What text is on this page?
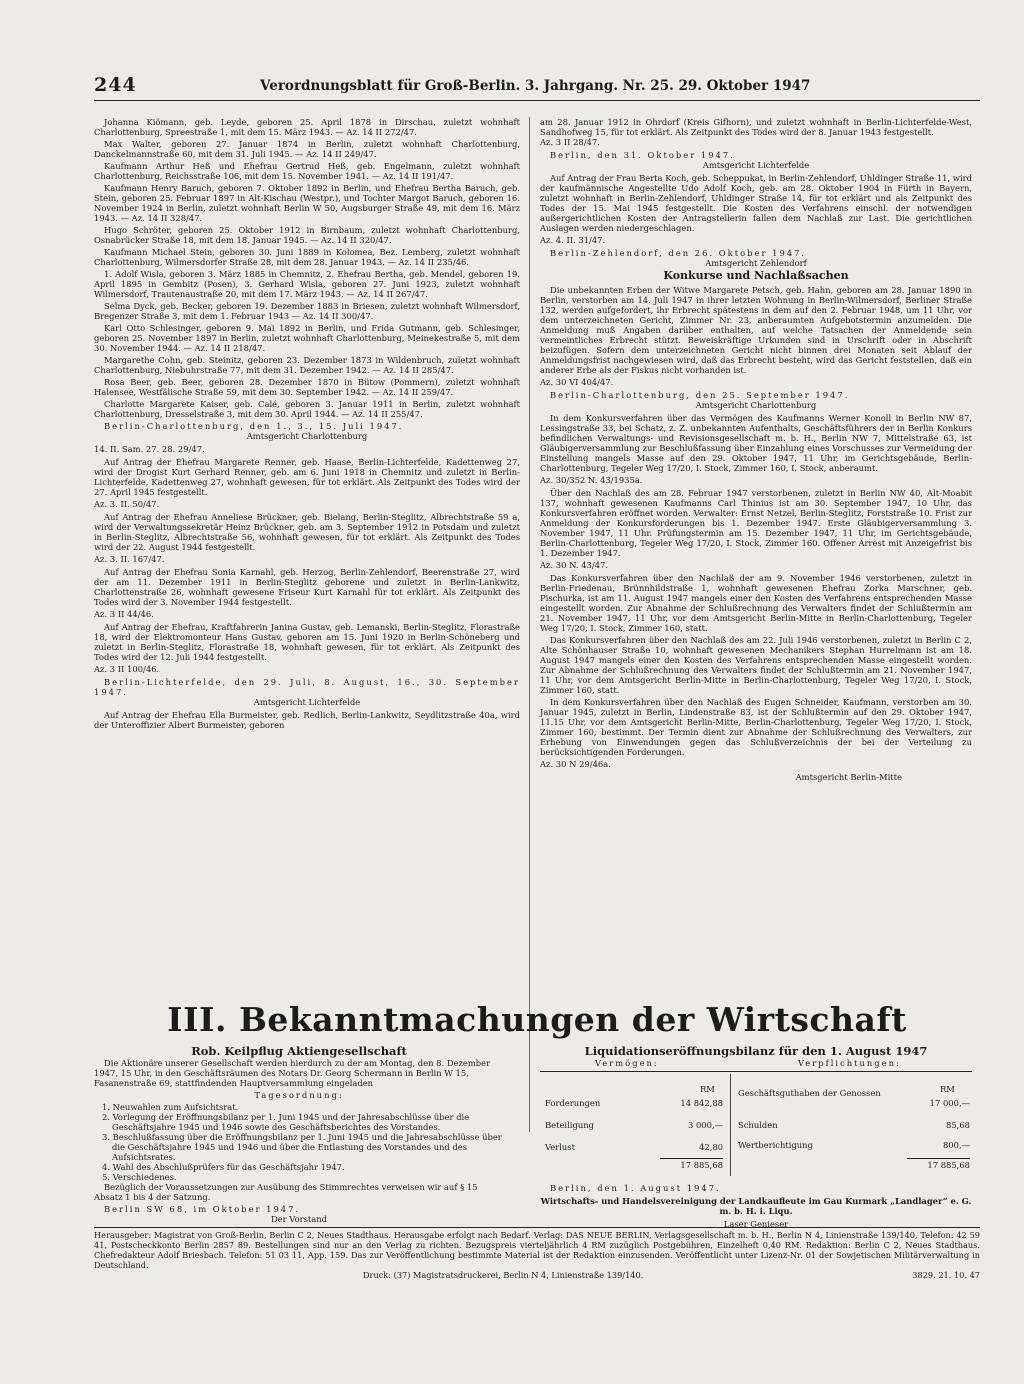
244	Verordnungsblatt für Groß-Berlin. 3. Jahrgang. Nr. 25. 29. Oktober 1947

Johanna Kiömann, geb. Leyde, geboren 25. April 1878 in Dirschau, zuletzt wohnhaft Charlottenburg, Spreestraße 1, mit dem 15. März 1943. — Az. 14 II 272/47.

Max Walter, geboren 27. Januar 1874 in Berlin, zuletzt wohnhaft Charlottenburg, Danckelmannstraße 60, mit dem 31. Juli 1945. — Az. 14 II 249/47.

Kaufmann Arthur Heß und Ehefrau Gertrud Heß, geb. Engelmann, zuletzt wohnhaft Charlottenburg, Reichsstraße 106, mit dem 15. November 1941. — Az. 14 II 191/47.

Kaufmann Henry Baruch, geboren 7. Oktober 1892 in Berlin, und Ehefrau Bertha Baruch, geb. Stein, geboren 25. Februar 1897 in Alt-Kischau (Westpr.), und Tochter Margot Baruch, geboren 16. November 1924 in Berlin, zuletzt wohnhaft Berlin W 50, Augsburger Straße 49, mit dem 16. März 1943. — Az. 14 II 328/47.

Hugo Schröter, geboren 25. Oktober 1912 in Birnbaum, zuletzt wohnhaft Charlottenburg, Osnabrücker Straße 18, mit dem 18. Januar 1945. — Az. 14 II 320/47.

Kaufmann Michael Stein, geboren 30. Juni 1889 in Kolomea, Bez. Lemberg, zuletzt wohnhaft Charlottenburg, Wilmersdorfer Straße 28, mit dem 28. Januar 1943. — Az. 14 II 235/46.

1. Adolf Wisla, geboren 3. März 1885 in Chemnitz, 2. Ehefrau Bertha, geb. Mendel, geboren 19. April 1895 in Gembitz (Posen), 3. Gerhard Wisla, geboren 27. Juni 1923, zuletzt wohnhaft Wilmersdorf, Trautenaustraße 20, mit dem 17. März 1943. — Az. 14 II 267/47.

Selma Dyck, geb. Becker, geboren 19. Dezember 1883 in Briesen, zuletzt wohnhaft Wilmersdorf, Bregenzer Straße 3, mit dem 1. Februar 1943 — Az. 14 II 300/47.

Karl Otto Schlesinger, geboren 9. Mai 1892 in Berlin, und Frida Gutmann, geb. Schlesinger, geboren 25. November 1897 in Berlin, zuletzt wohnhaft Charlottenburg, Meinekestraße 5, mit dem 30. November 1944. — Az. 14 II 218/47.

Margarethe Cohn, geb. Steinitz, geboren 23. Dezember 1873 in Wildenbruch, zuletzt wohnhaft Charlottenburg, Niebuhrstraße 77, mit dem 31. Dezember 1942. — Az. 14 II 285/47.

Rosa Beer, geb. Beer, geboren 28. Dezember 1870 in Bütow (Pommern), zuletzt wohnhaft Halensee, Westfälische Straße 59, mit dem 30. September 1942. — Az. 14 II 259/47.

Charlotte Margarete Kaiser, geb. Calé, geboren 3. Januar 1911 in Berlin, zuletzt wohnhaft Charlottenburg, Dresselstraße 3, mit dem 30. April 1944. — Az. 14 II 255/47.

Berlin-Charlottenburg, den 1., 3., 15. Juli 1947.

Amtsgericht Charlottenburg

14. II. Sam. 27. 28. 29/47.

Auf Antrag der Ehefrau Margarete Renner, geb. Haase, Berlin-Lichterfelde, Kadettenweg 27, wird der Drogist Kurt Gerhard Renner, geb. am 6. Juni 1918 in Chemnitz und zuletzt in Berlin-Lichterfelde, Kadettenweg 27, wohnhaft gewesen, für tot erklärt. Als Zeitpunkt des Todes wird der 27. April 1945 festgestellt.

Az. 3. II. 50/47.

Auf Antrag der Ehefrau Anneliese Brückner, geb. Bielang, Berlin-Steglitz, Albrechtstraße 59 a, wird der Verwaltungssekretär Heinz Brückner, geb. am 3. September 1912 in Potsdam und zuletzt in Berlin-Steglitz, Albrechtstraße 56, wohnhaft gewesen, für tot erklärt. Als Zeitpunkt des Todes wird der 22. August 1944 festgestellt.

Az. 3. II. 167/47.

Auf Antrag der Ehefrau Sonia Karnahl, geb. Herzog, Berlin-Zehlendorf, Beerenstraße 27, wird der am 11. Dezember 1911 in Berlin-Steglitz geborene und zuletzt in Berlin-Lankwitz, Charlottenstraße 26, wohnhaft gewesene Friseur Kurt Karnahl für tot erklärt. Als Zeitpunkt des Todes wird der 3. November 1944 festgestellt.

Az. 3 II 44/46.

Auf Antrag der Ehefrau, Kraftfahrerin Janina Gustav, geb. Lemanski, Berlin-Steglitz, Florastraße 18, wird der Elektromonteur Hans Gustav, geboren am 15. Juni 1920 in Berlin-Schöneberg und zuletzt in Berlin-Steglitz, Florastraße 18, wohnhaft gewesen, für tot erklärt. Als Zeitpunkt des Todes wird der 12. Juli 1944 festgestellt.

Az. 3 II 100/46.

Berlin-Lichterfelde, den 29. Juli, 8. August, 16., 30. September 1947.

Amtsgericht Lichterfelde

Auf Antrag der Ehefrau Ella Burmeister, geb. Redlich, Berlin-Lankwitz, Seydlitzstraße 40a, wird der Unteroffizier Albert Burmeister, geboren

am 28. Januar 1912 in Ohrdorf (Kreis Gifhorn), und zuletzt wohnhaft in Berlin-Lichterfelde-West, Sandhofweg 15, für tot erklärt. Als Zeitpunkt des Todes wird der 8. Januar 1943 festgestellt.

Az. 3 II 28/47.

Berlin, den 31. Oktober 1947.

Amtsgericht Lichterfelde

Auf Antrag der Frau Berta Koch, geb. Scheppukat, in Berlin-Zehlendorf, Uhldinger Straße 11, wird der kaufmännische Angestellte Udo Adolf Koch, geb. am 28. Oktober 1904 in Fürth in Bayern, zuletzt wohnhaft in Berlin-Zehlendorf, Uhldinger Straße 14, für tot erklärt und als Zeitpunkt des Todes der 15. Mai 1945 festgestellt. Die Kosten des Verfahrens einschl. der notwendigen außergerichtlichen Kosten der Antragstellerin fallen dem Nachlaß zur Last. Die gerichtlichen Auslagen werden niedergeschlagen.

Az. 4. II. 31/47.

Berlin-Zehlendorf, den 26. Oktober 1947.

Amtsgericht Zehlendorf

Konkurse und Nachlaßsachen

Die unbekannten Erben der Witwe Margarete Petsch, geb. Hahn, geboren am 28. Januar 1890 in Berlin, verstorben am 14. Juli 1947 in ihrer letzten Wohnung in Berlin-Wilmersdorf, Berliner Straße 132, werden aufgefordert, ihr Erbrecht spätestens in dem auf den 2. Februar 1948, um 11 Uhr, vor dem unterzeichneten Gericht, Zimmer Nr. 23, anberaumten Aufgebotstermin anzumelden. Die Anmeldung muß Angaben darüber enthalten, auf welche Tatsachen der Anmeldende sein vermeintliches Erbrecht stützt. Beweiskräftige Urkunden sind in Urschrift oder in Abschrift beizufügen. Sofern dem unterzeichneten Gericht nicht binnen drei Monaten seit Ablauf der Anmeldungsfrist nachgewiesen wird, daß das Erbrecht besteht, wird das Gericht feststellen, daß ein anderer Erbe als der Fiskus nicht vorhanden ist.

Az. 30 VI 404/47.

Berlin-Charlottenburg, den 25. September 1947.

Amtsgericht Charlottenburg

In dem Konkursverfahren über das Vermögen des Kaufmanns Werner Konoll in Berlin NW 87, Lessingstraße 33, bei Schatz, z. Z. unbekannten Aufenthalts, Geschäftsführers der in Berlin Konkurs befindlichen Verwaltungs- und Revisionsgesellschaft m. b. H., Berlin NW 7, Mittelstraße 63, ist Gläubigerversammlung zur Beschlußfassung über Einzahlung eines Vorschusses zur Vermeidung der Einstellung mangels Masse auf den 29. Oktober 1947, 11 Uhr, im Gerichtsgebäude, Berlin-Charlottenburg, Tegeler Weg 17/20, I. Stock, Zimmer 160, I. Stock, anberaumt.

Az. 30/352 N. 43/1935a.

Über den Nachlaß des am 28. Februar 1947 verstorbenen, zuletzt in Berlin NW 40, Alt-Moabit 137, wohnhaft gewesenen Kaufmanns Carl Thinius ist am 30. September 1947, 10 Uhr, das Konkursverfahren eröffnet worden. Verwalter: Ernst Netzel, Berlin-Steglitz, Forststraße 10. Frist zur Anmeldung der Konkursforderungen bis 1. Dezember 1947. Erste Gläubigerversammlung 3. November 1947, 11 Uhr. Prüfungstermin am 15. Dezember 1947, 11 Uhr, im Gerichtsgebäude, Berlin-Charlottenburg, Tegeler Weg 17/20, I. Stock, Zimmer 160. Offener Arrest mit Anzeigefrist bis 1. Dezember 1947.

Az. 30 N. 43/47.

Das Konkursverfahren über den Nachlaß der am 9. November 1946 verstorbenen, zuletzt in Berlin-Friedenau, Brünnhildstraße 1, wohnhaft gewesenen Ehefrau Zorka Marschner, geb. Pischurka, ist am 11. August 1947 mangels einer den Kosten des Verfahrens entsprechenden Masse eingestellt worden. Zur Abnahme der Schlußrechnung des Verwalters findet der Schlußtermin am 21. November 1947, 11 Uhr, vor dem Amtsgericht Berlin-Mitte in Berlin-Charlottenburg, Tegeler Weg 17/20, I. Stock, Zimmer 160, statt.

Das Konkursverfahren über den Nachlaß des am 22. Juli 1946 verstorbenen, zuletzt in Berlin C 2, Alte Schönhauser Straße 10, wohnhaft gewesenen Mechanikers Stephan Hurrelmann ist am 18. August 1947 mangels einer den Kosten des Verfahrens entsprechenden Masse eingestellt worden. Zur Abnahme der Schlußrechnung des Verwalters findet der Schlußtermin am 21. November 1947, 11 Uhr, vor dem Amtsgericht Berlin-Mitte in Berlin-Charlottenburg, Tegeler Weg 17/20, I. Stock, Zimmer 160, statt.

In dem Konkursverfahren über den Nachlaß des Eugen Schneider, Kaufmann, verstorben am 30. Januar 1945, zuletzt in Berlin, Lindenstraße 83, ist der Schlußtermin auf den 29. Oktober 1947, 11.15 Uhr, vor dem Amtsgericht Berlin-Mitte, Berlin-Charlottenburg, Tegeler Weg 17/20, I. Stock, Zimmer 160, bestimmt. Der Termin dient zur Abnahme der Schlußrechnung des Verwalters, zur Erhebung von Einwendungen gegen das Schlußverzeichnis der bei der Verteilung zu berücksichtigenden Forderungen.

Az. 30 N 29/46a.

Amtsgericht Berlin-Mitte

III. Bekanntmachungen der Wirtschaft

Rob. Keilpflug Aktiengesellschaft

Die Aktionäre unserer Gesellschaft werden hierdurch zu der am Montag, den 8. Dezember 1947, 15 Uhr, in den Geschäftsräumen des Notars Dr. Georg Schermann in Berlin W 15, Fasanenstraße 69, stattfindenden Hauptversammlung eingeladen

Tagesordnung:

1. Neuwahlen zum Aufsichtsrat.

2. Vorlegung der Eröffnungsbilanz per 1. Juni 1945 und der Jahresabschlüsse über die Geschäftsjahre 1945 und 1946 sowie des Geschäftsberichtes des Vorstandes.

3. Beschlußfassung über die Eröffnungsbilanz per 1. Juni 1945 und die Jahresabschlüsse über die Geschäftsjahre 1945 und 1946 und über die Entlastung des Vorstandes und des Aufsichtsrates.

4. Wahl des Abschlußprüfers für das Geschäftsjahr 1947.

5. Verschiedenes.

Bezüglich der Voraussetzungen zur Ausübung des Stimmrechtes verweisen wir auf § 15 Absatz 1 bis 4 der Satzung.

Berlin SW 68, im Oktober 1947.

Der Vorstand

Liquidationseröffnungsbilanz für den 1. August 1947

Vermögen:	Verpflichtungen:
RM	RM
Forderungen	14 842,88
Beteiligung	3 000,—
Verlust	42,80
17 885,68
Geschäftsguthaben der Genossen
17 000,—
Schulden	85,68
Wertberichtigung	800,—
17 885,68

Berlin, den 1. August 1947.

Wirtschafts- und Handelsvereinigung der Landkaufleute im Gau Kurmark „Landlager“ e. G. m. b. H. i. Liqu.

Laser Genieser

Herausgeber: Magistrat von Groß-Berlin, Berlin C 2, Neues Stadthaus. Herausgabe erfolgt nach Bedarf. Verlag: DAS NEUE BERLIN, Verlagsgesellschaft m. b. H., Berlin N 4, Linienstraße 139/140, Telefon: 42 59 41, Postscheckkonto Berlin 2857 89. Bestellungen sind nur an den Verlag zu richten. Bezugspreis vierteljährlich 4 RM zuzüglich Postgebühren, Einzelheft 0,40 RM. Redaktion: Berlin C 2, Neues Stadthaus. Chefredakteur Adolf Briesbach. Telefon: 51 03 11, App. 159. Das zur Veröffentlichung bestimmte Material ist der Redaktion einzusenden. Veröffentlicht unter Lizenz-Nr. 01 der Sowjetischen Militärverwaltung in Deutschland.

Druck: (37) Magistratsdruckerei, Berlin N 4, Linienstraße 139/140.	3829. 21. 10. 47
